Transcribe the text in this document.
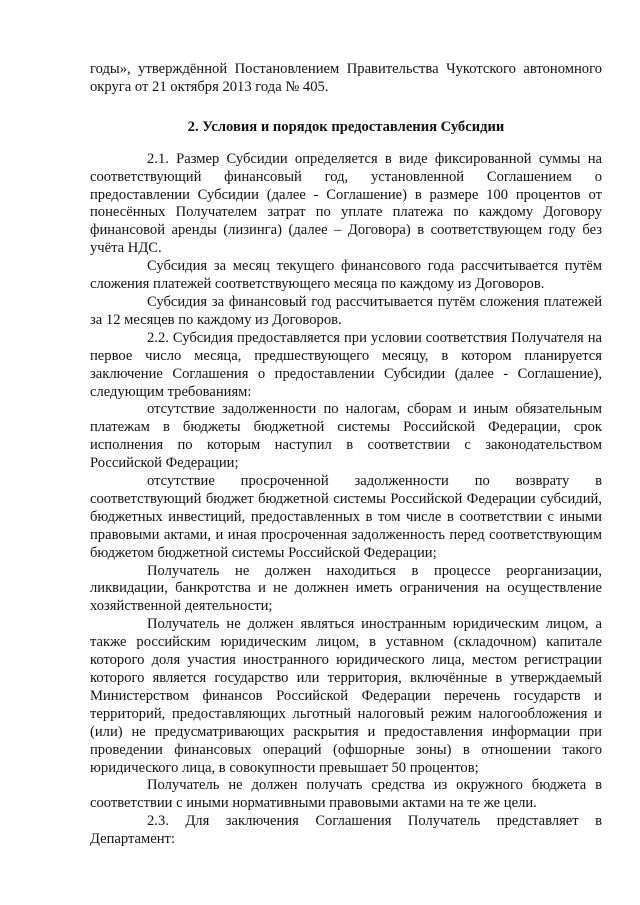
годы», утверждённой Постановлением Правительства Чукотского автономного округа от 21 октября 2013 года № 405.

2. Условия и порядок предоставления Субсидии

2.1. Размер Субсидии определяется в виде фиксированной суммы на соответствующий финансовый год, установленной Соглашением о предоставлении Субсидии (далее - Соглашение) в размере 100 процентов от понесённых Получателем затрат по уплате платежа по каждому Договору финансовой аренды (лизинга) (далее – Договора) в соответствующем году без учёта НДС.

Субсидия за месяц текущего финансового года рассчитывается путём сложения платежей соответствующего месяца по каждому из Договоров.

Субсидия за финансовый год рассчитывается путём сложения платежей за 12 месяцев по каждому из Договоров.

2.2. Субсидия предоставляется при условии соответствия Получателя на первое число месяца, предшествующего месяцу, в котором планируется заключение Соглашения о предоставлении Субсидии (далее - Соглашение), следующим требованиям:

отсутствие задолженности по налогам, сборам и иным обязательным платежам в бюджеты бюджетной системы Российской Федерации, срок исполнения по которым наступил в соответствии с законодательством Российской Федерации;

отсутствие просроченной задолженности по возврату в соответствующий бюджет бюджетной системы Российской Федерации субсидий, бюджетных инвестиций, предоставленных в том числе в соответствии с иными правовыми актами, и иная просроченная задолженность перед соответствующим бюджетом бюджетной системы Российской Федерации;

Получатель не должен находиться в процессе реорганизации, ликвидации, банкротства и не должнен иметь ограничения на осуществление хозяйственной деятельности;

Получатель не должен являться иностранным юридическим лицом, а также российским юридическим лицом, в уставном (складочном) капитале которого доля участия иностранного юридического лица, местом регистрации которого является государство или территория, включённые в утверждаемый Министерством финансов Российской Федерации перечень государств и территорий, предоставляющих льготный налоговый режим налогообложения и (или) не предусматривающих раскрытия и предоставления информации при проведении финансовых операций (офшорные зоны) в отношении такого юридического лица, в совокупности превышает 50 процентов;

Получатель не должен получать средства из окружного бюджета в соответствии с иными нормативными правовыми актами на те же цели.

2.3. Для заключения Соглашения Получатель представляет в Департамент:
